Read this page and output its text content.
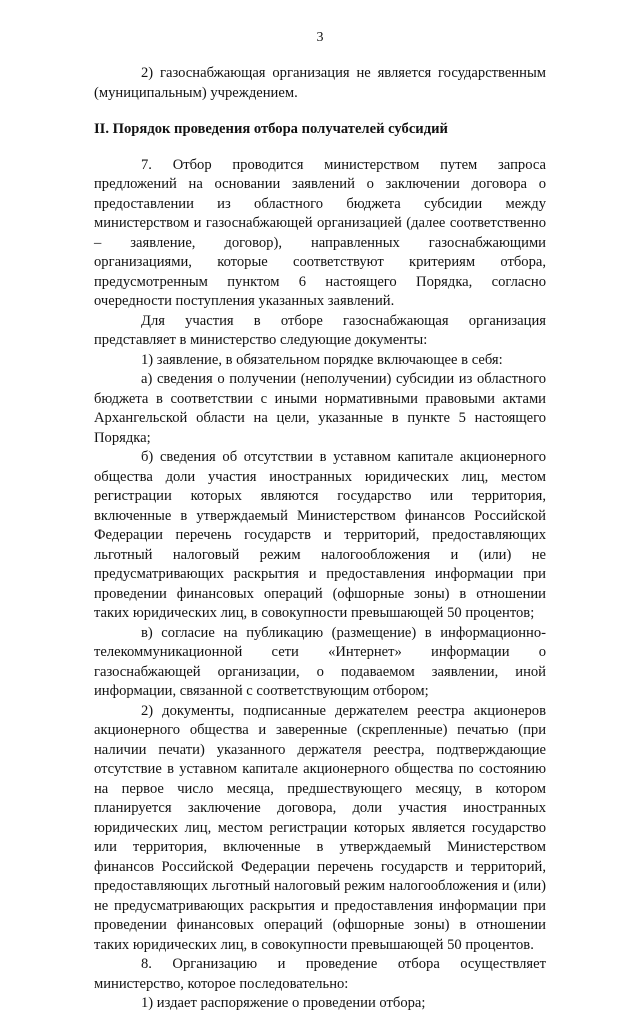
3

2) газоснабжающая организация не является государственным (муниципальным) учреждением.

II. Порядок проведения отбора получателей субсидий

7. Отбор проводится министерством путем запроса предложений на основании заявлений о заключении договора о предоставлении из областного бюджета субсидии между министерством и газоснабжающей организацией (далее соответственно – заявление, договор), направленных газоснабжающими организациями, которые соответствуют критериям отбора, предусмотренным пунктом 6 настоящего Порядка, согласно очередности поступления указанных заявлений.

Для участия в отборе газоснабжающая организация представляет в министерство следующие документы:

1) заявление, в обязательном порядке включающее в себя:

а) сведения о получении (неполучении) субсидии из областного бюджета в соответствии с иными нормативными правовыми актами Архангельской области на цели, указанные в пункте 5 настоящего Порядка;

б) сведения об отсутствии в уставном капитале акционерного общества доли участия иностранных юридических лиц, местом регистрации которых являются государство или территория, включенные в утверждаемый Министерством финансов Российской Федерации перечень государств и территорий, предоставляющих льготный налоговый режим налогообложения и (или) не предусматривающих раскрытия и предоставления информации при проведении финансовых операций (офшорные зоны) в отношении таких юридических лиц, в совокупности превышающей 50 процентов;

в) согласие на публикацию (размещение) в информационно-телекоммуникационной сети «Интернет» информации о газоснабжающей организации, о подаваемом заявлении, иной информации, связанной с соответствующим отбором;

2) документы, подписанные держателем реестра акционеров акционерного общества и заверенные (скрепленные) печатью (при наличии печати) указанного держателя реестра, подтверждающие отсутствие в уставном капитале акционерного общества по состоянию на первое число месяца, предшествующего месяцу, в котором планируется заключение договора, доли участия иностранных юридических лиц, местом регистрации которых является государство или территория, включенные в утверждаемый Министерством финансов Российской Федерации перечень государств и территорий, предоставляющих льготный налоговый режим налогообложения и (или) не предусматривающих раскрытия и предоставления информации при проведении финансовых операций (офшорные зоны) в отношении таких юридических лиц, в совокупности превышающей 50 процентов.

8. Организацию и проведение отбора осуществляет министерство, которое последовательно:

1) издает распоряжение о проведении отбора;
